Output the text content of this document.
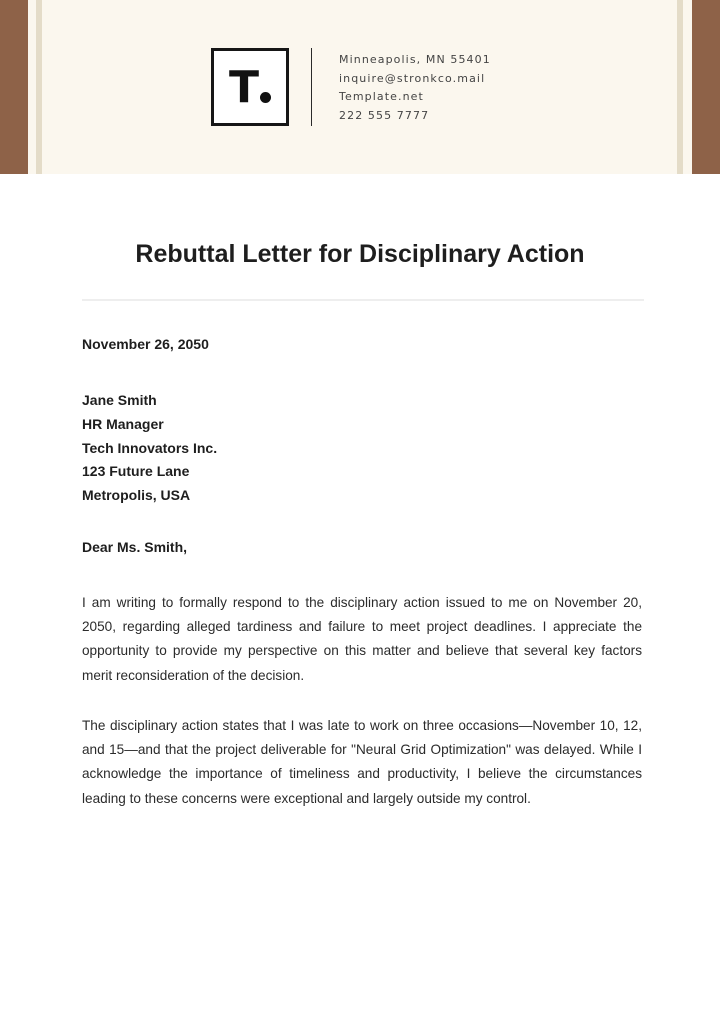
T
Minneapolis, MN 55401
inquire@stronkco.mail
Template.net
222 555 7777
Rebuttal Letter for Disciplinary Action
November 26, 2050
Jane Smith
HR Manager
Tech Innovators Inc.
123 Future Lane
Metropolis, USA
Dear Ms. Smith,
I am writing to formally respond to the disciplinary action issued to me on November 20, 2050, regarding alleged tardiness and failure to meet project deadlines. I appreciate the opportunity to provide my perspective on this matter and believe that several key factors merit reconsideration of the decision.
The disciplinary action states that I was late to work on three occasions—November 10, 12, and 15—and that the project deliverable for "Neural Grid Optimization" was delayed. While I acknowledge the importance of timeliness and productivity, I believe the circumstances leading to these concerns were exceptional and largely outside my control.
